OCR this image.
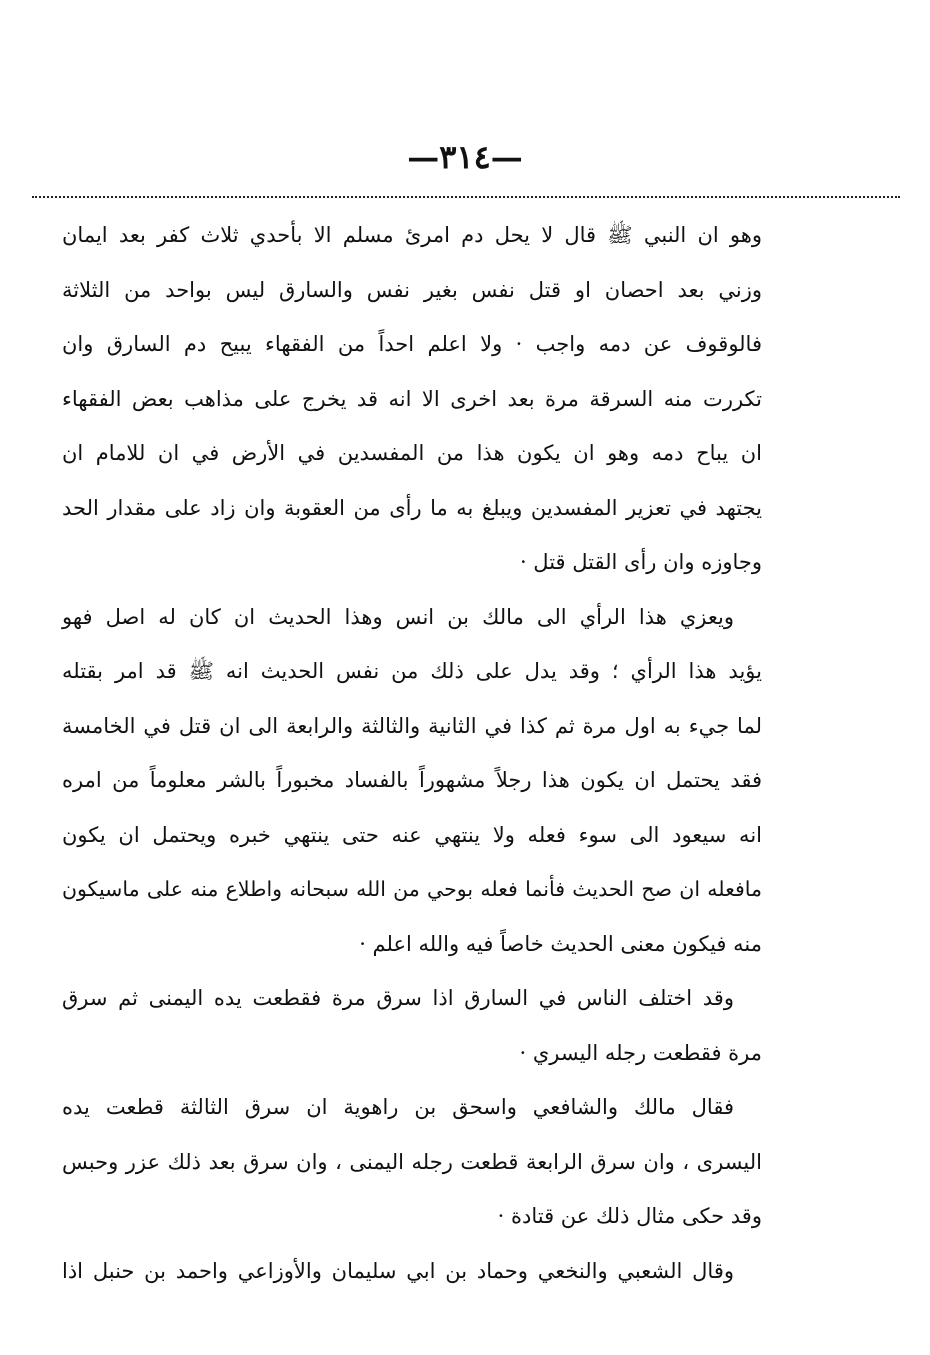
—٣١٤—
وهو ان النبي ﷺ قال لا يحل دم امرئ مسلم الا بأحدي ثلاث كفر بعد ايمان
وزني بعد احصان او قتل نفس بغير نفس والسارق ليس بواحد من الثلاثة
فالوقوف عن دمه واجب · ولا اعلم احداً من الفقهاء يبيح دم السارق وان
تكررت منه السرقة مرة بعد اخرى الا انه قد يخرج على مذاهب بعض الفقهاء
ان يباح دمه وهو ان يكون هذا من المفسدين في الأرض في ان للامام ان
يجتهد في تعزير المفسدين ويبلغ به ما رأى من العقوبة وان زاد على مقدار الحد
وجاوزه وان رأى القتل قتل ·
ويعزي هذا الرأي الى مالك بن انس وهذا الحديث ان كان له اصل فهو
يؤيد هذا الرأي ؛ وقد يدل على ذلك من نفس الحديث انه ﷺ قد امر بقتله
لما جيء به اول مرة ثم كذا في الثانية والثالثة والرابعة الى ان قتل في الخامسة
فقد يحتمل ان يكون هذا رجلاً مشهوراً بالفساد مخبوراً بالشر معلوماً من امره
انه سيعود الى سوء فعله ولا ينتهي عنه حتى ينتهي خبره ويحتمل ان يكون
مافعله ان صح الحديث فأنما فعله بوحي من الله سبحانه واطلاع منه على ماسيكون
منه فيكون معنى الحديث خاصاً فيه والله اعلم ·
وقد اختلف الناس في السارق اذا سرق مرة فقطعت يده اليمنى ثم سرق
مرة فقطعت رجله اليسري ·
فقال مالك والشافعي واسحق بن راهوية ان سرق الثالثة قطعت يده
اليسرى ، وان سرق الرابعة قطعت رجله اليمنى ، وان سرق بعد ذلك عزر وحبس
وقد حكى مثال ذلك عن قتادة ·
وقال الشعبي والنخعي وحماد بن ابي سليمان والأوزاعي واحمد بن حنبل اذا
